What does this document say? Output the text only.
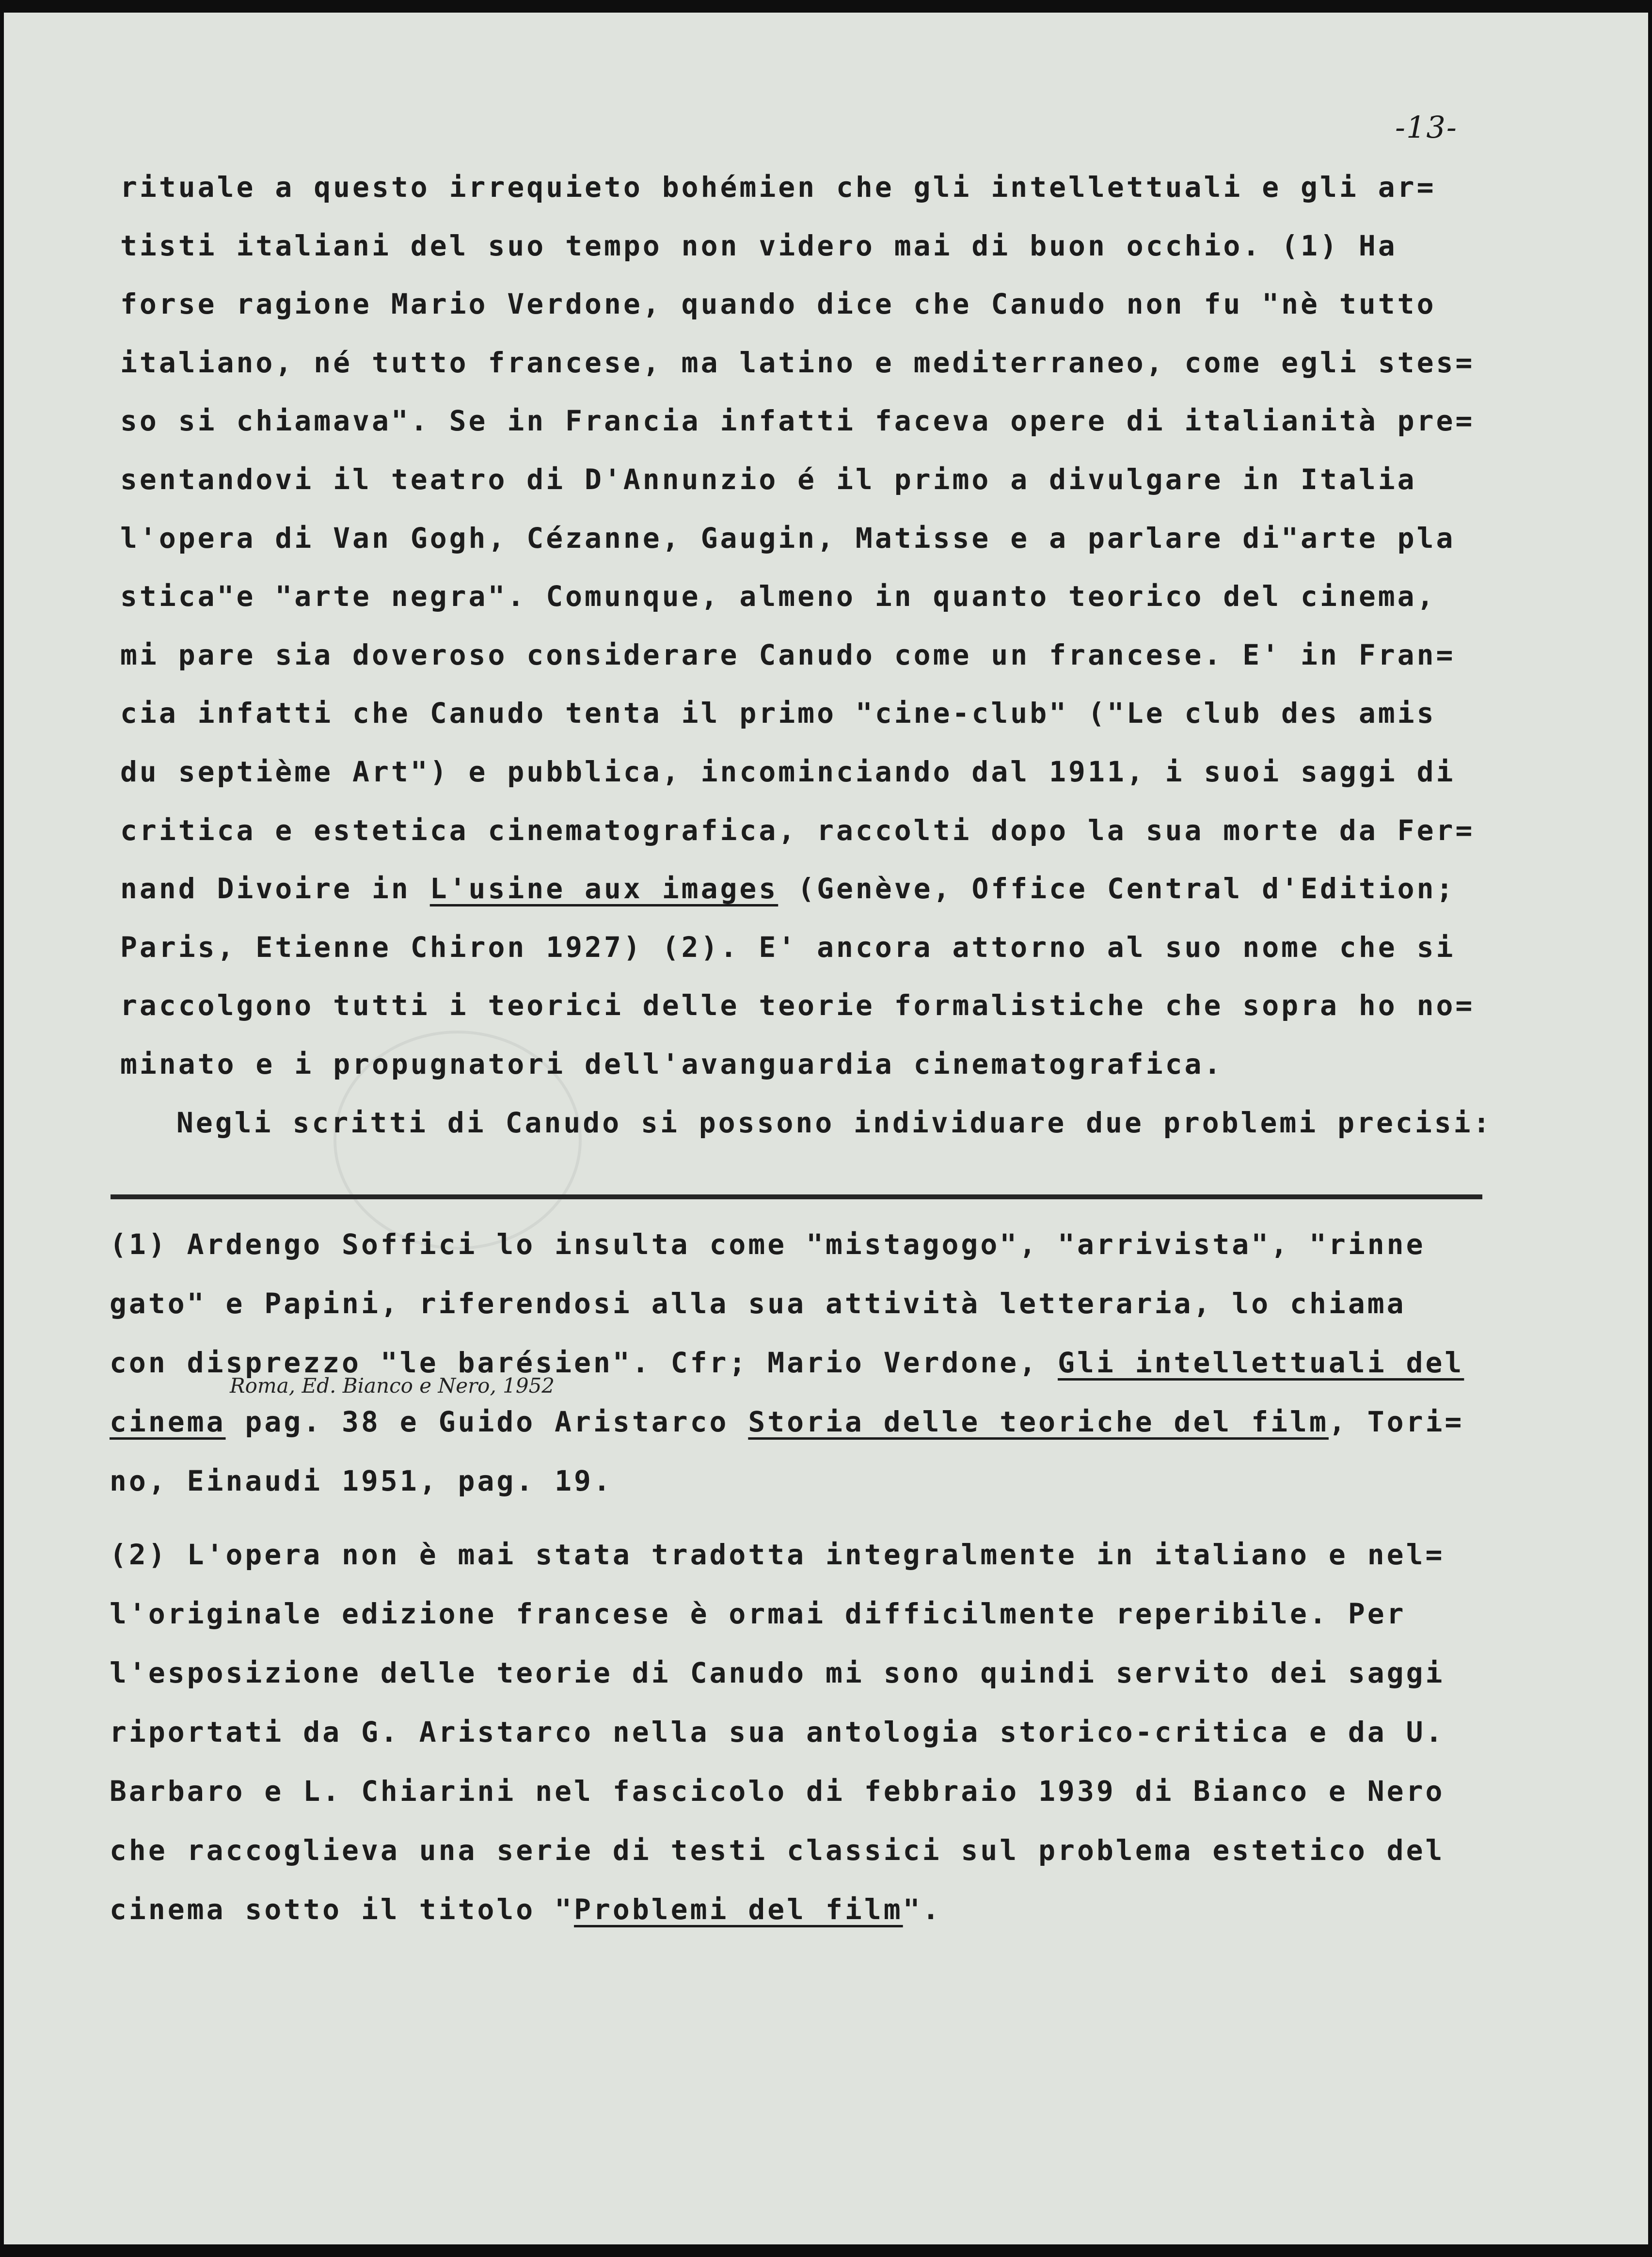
-13-
rituale a questo irrequieto bohémien che gli intellettuali e gli ar=
tisti italiani del suo tempo non videro mai di buon occhio. (1) Ha
forse ragione Mario Verdone, quando dice che Canudo non fu "nè tutto
italiano, né tutto francese, ma latino e mediterraneo, come egli stes=
so si chiamava". Se in Francia infatti faceva opere di italianità pre=
sentandovi il teatro di D'Annunzio é il primo a divulgare in Italia
l'opera di Van Gogh, Cézanne, Gaugin, Matisse e a parlare di"arte pla
stica"e "arte negra". Comunque, almeno in quanto teorico del cinema,
mi pare sia doveroso considerare Canudo come un francese. E' in Fran=
cia infatti che Canudo tenta il primo "cine-club" ("Le club des amis
du septième Art") e pubblica, incominciando dal 1911, i suoi saggi di
critica e estetica cinematografica, raccolti dopo la sua morte da Fer=
nand Divoire in L'usine aux images (Genève, Office Central d'Edition;
Paris, Etienne Chiron 1927) (2). E' ancora attorno al suo nome che si
raccolgono tutti i teorici delle teorie formalistiche che sopra ho no=
minato e i propugnatori dell'avanguardia cinematografica.
Negli scritti di Canudo si possono individuare due problemi precisi:
(1) Ardengo Soffici lo insulta come "mistagogo", "arrivista", "rinne
gato" e Papini, riferendosi alla sua attività letteraria, lo chiama
con disprezzo "le barésien". Cfr; Mario Verdone, Gli intellettuali del
cinema pag. 38 e Guido Aristarco Storia delle teoriche del film, Tori=
no, Einaudi 1951, pag. 19.
Roma, Ed. Bianco e Nero, 1952
(2) L'opera non è mai stata tradotta integralmente in italiano e nel=
l'originale edizione francese è ormai difficilmente reperibile. Per
l'esposizione delle teorie di Canudo mi sono quindi servito dei saggi
riportati da G. Aristarco nella sua antologia storico-critica e da U.
Barbaro e L. Chiarini nel fascicolo di febbraio 1939 di Bianco e Nero
che raccoglieva una serie di testi classici sul problema estetico del
cinema sotto il titolo "Problemi del film".
